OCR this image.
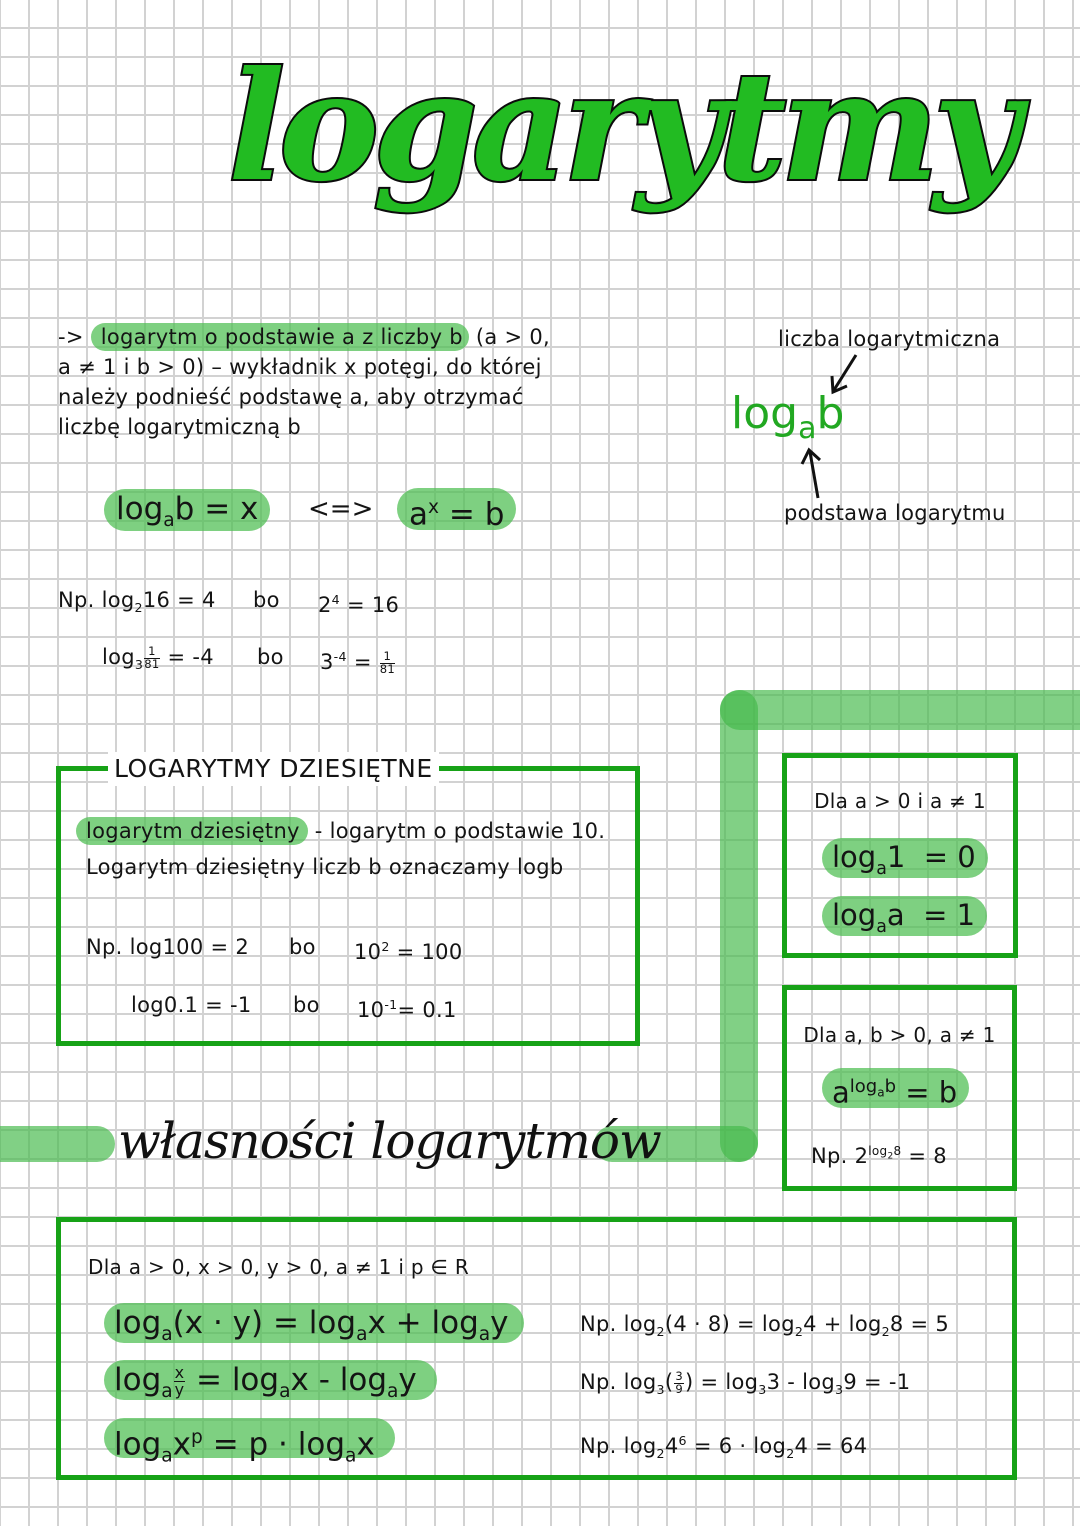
logarytmy
-> logarytm o podstawie a z liczby b (a > 0,
a ≠ 1 i b > 0) – wykładnik x potęgi, do której
należy podnieść podstawę a, aby otrzymać
liczbę logarytmiczną b
liczba logarytmiczna
$\log_ab$
podstawa logarytmu
$\log_ab = x$	<=>	$a^x = b$
Np. $\log_216 = 4$ bo $2^4 = 16$
$\log_3 \frac{1}{81} = -4$ bo $3^{-4} = \frac{1}{81}$
LOGARYTMY DZIESIĘTNE
logarytm dziesiętny - logarytm o podstawie 10.
Logarytm dziesiętny liczb b oznaczamy logb
Np. log100 = 2 bo $10^2 = 100$
log0.1 = -1 bo $10^{-1}= 0.1$
Dla a > 0 i a ≠ 1
$\log_a1 = 0$
$\log_aa = 1$
Dla a, b > 0, a ≠ 1
$a^{log_ab} = b$
Np. $2^{log_28} = 8$
własności logarytmów
Dla a > 0, x > 0, y > 0, a ≠ 1 i p ∈ R
$\log_a(x \cdot y) = \log_ax + \log_ay$
$\log_a \frac{x}{y} = \log_ax - \log_ay$
$\log_ax^p = p \cdot \log_ax$
Np. $\log_2(4 \cdot 8) = \log_24 + \log_28 = 5$
Np. $\log_3( \frac{3}{9}$ ) = $\log_33 - \log_39 = -1$
Np. $\log_24^6 = 6 \cdot \log_24 = 64$
